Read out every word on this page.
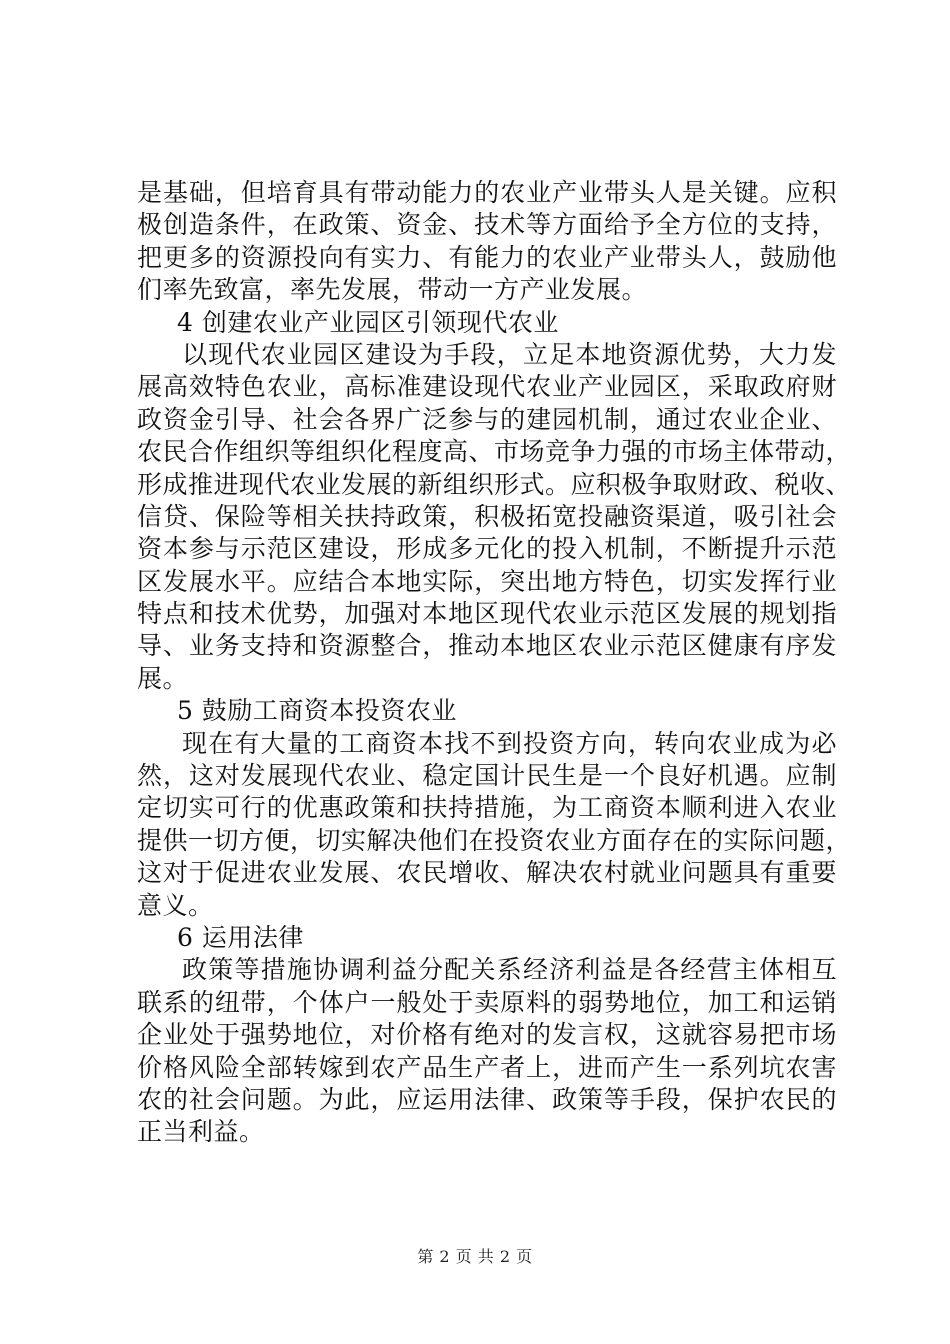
是基础，但培育具有带动能力的农业产业带头人是关键。应积
极创造条件，在政策、资金、技术等方面给予全方位的支持，
把更多的资源投向有实力、有能力的农业产业带头人，鼓励他
们率先致富，率先发展，带动一方产业发展。
4 创建农业产业园区引领现代农业
以现代农业园区建设为手段，立足本地资源优势，大力发
展高效特色农业，高标准建设现代农业产业园区，采取政府财
政资金引导、社会各界广泛参与的建园机制，通过农业企业、
农民合作组织等组织化程度高、市场竞争力强的市场主体带动，
形成推进现代农业发展的新组织形式。应积极争取财政、税收、
信贷、保险等相关扶持政策，积极拓宽投融资渠道，吸引社会
资本参与示范区建设，形成多元化的投入机制，不断提升示范
区发展水平。应结合本地实际，突出地方特色，切实发挥行业
特点和技术优势，加强对本地区现代农业示范区发展的规划指
导、业务支持和资源整合，推动本地区农业示范区健康有序发
展。
5 鼓励工商资本投资农业
现在有大量的工商资本找不到投资方向，转向农业成为必
然，这对发展现代农业、稳定国计民生是一个良好机遇。应制
定切实可行的优惠政策和扶持措施，为工商资本顺利进入农业
提供一切方便，切实解决他们在投资农业方面存在的实际问题，
这对于促进农业发展、农民增收、解决农村就业问题具有重要
意义。
6 运用法律
政策等措施协调利益分配关系经济利益是各经营主体相互
联系的纽带，个体户一般处于卖原料的弱势地位，加工和运销
企业处于强势地位，对价格有绝对的发言权，这就容易把市场
价格风险全部转嫁到农产品生产者上，进而产生一系列坑农害
农的社会问题。为此，应运用法律、政策等手段，保护农民的
正当利益。
第 2 页 共 2 页
